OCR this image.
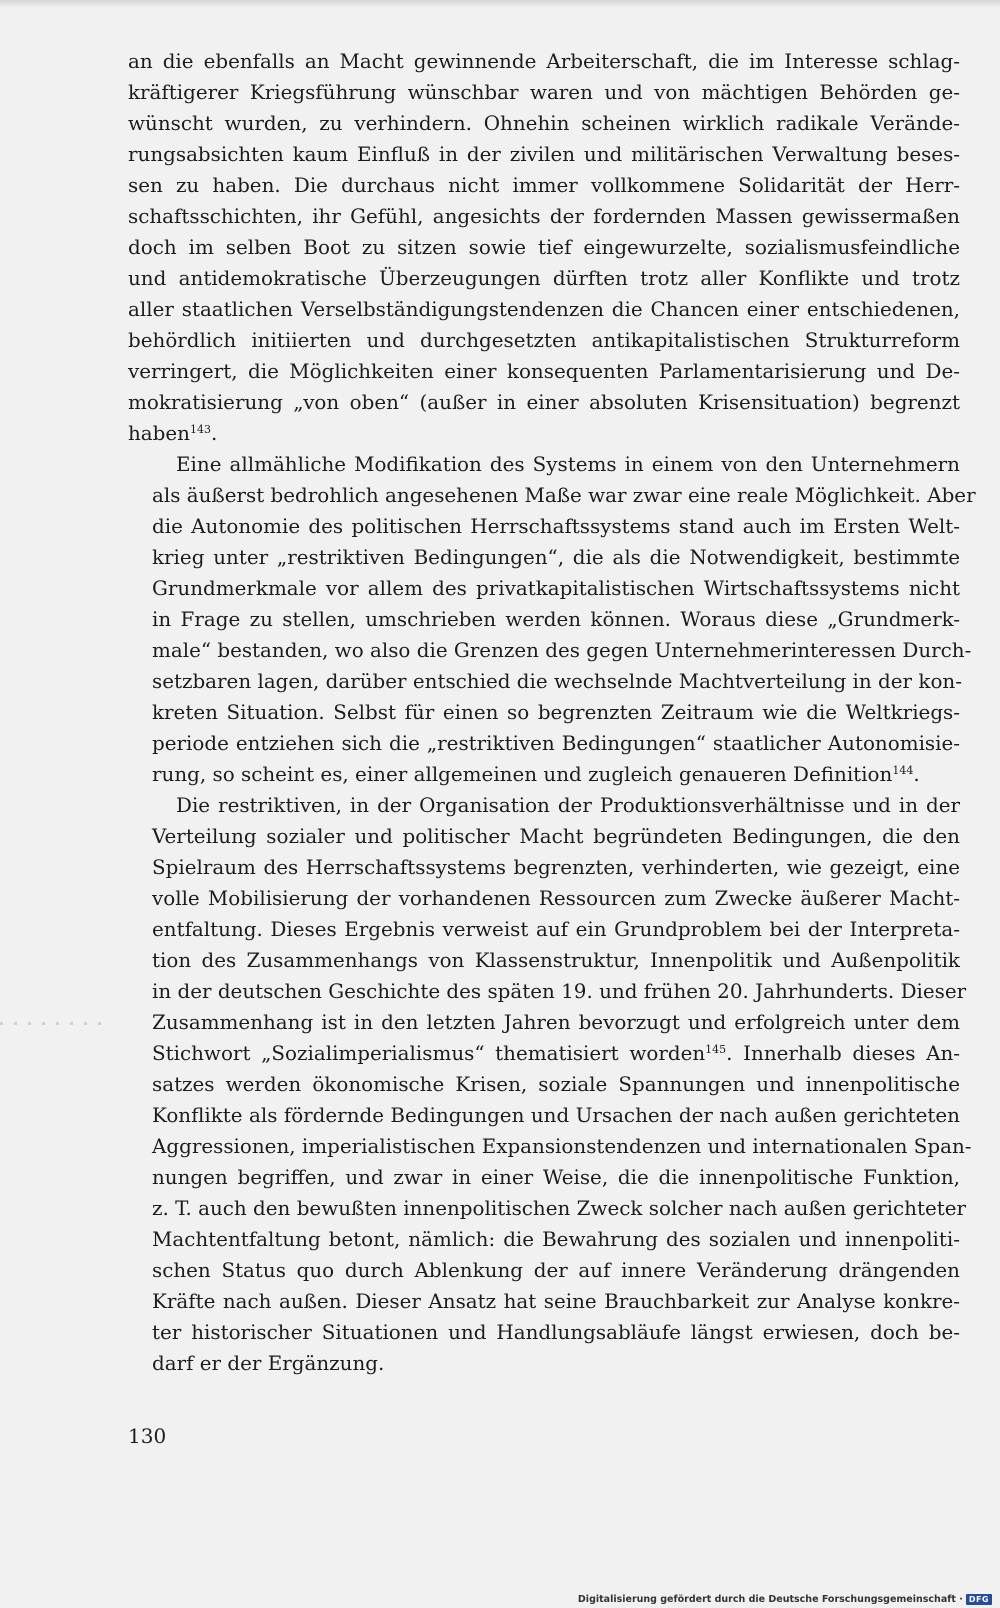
an die ebenfalls an Macht gewinnende Arbeiterschaft, die im Interesse schlag-
kräftigerer Kriegsführung wünschbar waren und von mächtigen Behörden ge-
wünscht wurden, zu verhindern. Ohnehin scheinen wirklich radikale Verände-
rungsabsichten kaum Einfluß in der zivilen und militärischen Verwaltung beses-
sen zu haben. Die durchaus nicht immer vollkommene Solidarität der Herr-
schaftsschichten, ihr Gefühl, angesichts der fordernden Massen gewissermaßen
doch im selben Boot zu sitzen sowie tief eingewurzelte, sozialismusfeindliche
und antidemokratische Überzeugungen dürften trotz aller Konflikte und trotz
aller staatlichen Verselbständigungstendenzen die Chancen einer entschiedenen,
behördlich initiierten und durchgesetzten antikapitalistischen Strukturreform
verringert, die Möglichkeiten einer konsequenten Parlamentarisierung und De-
mokratisierung „von oben“ (außer in einer absoluten Krisensituation) begrenzt
haben$^{143}$.

Eine allmähliche Modifikation des Systems in einem von den Unternehmern
als äußerst bedrohlich angesehenen Maße war zwar eine reale Möglichkeit. Aber
die Autonomie des politischen Herrschaftssystems stand auch im Ersten Welt-
krieg unter „restriktiven Bedingungen“, die als die Notwendigkeit, bestimmte
Grundmerkmale vor allem des privatkapitalistischen Wirtschaftssystems nicht
in Frage zu stellen, umschrieben werden können. Woraus diese „Grundmerk-
male“ bestanden, wo also die Grenzen des gegen Unternehmerinteressen Durch-
setzbaren lagen, darüber entschied die wechselnde Machtverteilung in der kon-
kreten Situation. Selbst für einen so begrenzten Zeitraum wie die Weltkriegs-
periode entziehen sich die „restriktiven Bedingungen“ staatlicher Autonomisie-
rung, so scheint es, einer allgemeinen und zugleich genaueren Definition$^{144}$.

Die restriktiven, in der Organisation der Produktionsverhältnisse und in der
Verteilung sozialer und politischer Macht begründeten Bedingungen, die den
Spielraum des Herrschaftssystems begrenzten, verhinderten, wie gezeigt, eine
volle Mobilisierung der vorhandenen Ressourcen zum Zwecke äußerer Macht-
entfaltung. Dieses Ergebnis verweist auf ein Grundproblem bei der Interpreta-
tion des Zusammenhangs von Klassenstruktur, Innenpolitik und Außenpolitik
in der deutschen Geschichte des späten 19. und frühen 20. Jahrhunderts. Dieser
Zusammenhang ist in den letzten Jahren bevorzugt und erfolgreich unter dem
Stichwort „Sozialimperialismus“ thematisiert worden$^{145}$. Innerhalb dieses An-
satzes werden ökonomische Krisen, soziale Spannungen und innenpolitische
Konflikte als fördernde Bedingungen und Ursachen der nach außen gerichteten
Aggressionen, imperialistischen Expansionstendenzen und internationalen Span-
nungen begriffen, und zwar in einer Weise, die die innenpolitische Funktion,
z. T. auch den bewußten innenpolitischen Zweck solcher nach außen gerichteter
Machtentfaltung betont, nämlich: die Bewahrung des sozialen und innenpoliti-
schen Status quo durch Ablenkung der auf innere Veränderung drängenden
Kräfte nach außen. Dieser Ansatz hat seine Brauchbarkeit zur Analyse konkre-
ter historischer Situationen und Handlungsabläufe längst erwiesen, doch be-
darf er der Ergänzung.

130
Digitalisierung gefördert durch die Deutsche Forschungsgemeinschaft · DFG
